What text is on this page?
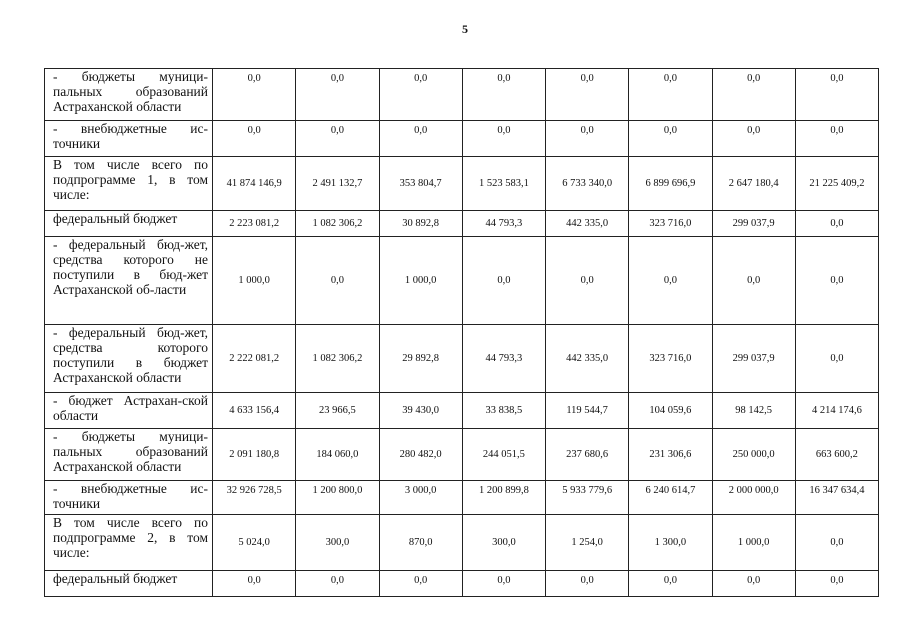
5
- бюджеты муници-пальных образований Астраханской области	0,0	0,0	0,0	0,0	0,0	0,0	0,0	0,0
- внебюджетные ис-точники	0,0	0,0	0,0	0,0	0,0	0,0	0,0	0,0
В том числе всего по подпрограмме 1, в том числе:	41 874 146,9	2 491 132,7	353 804,7	1 523 583,1	6 733 340,0	6 899 696,9	2 647 180,4	21 225 409,2
федеральный бюджет	2 223 081,2	1 082 306,2	30 892,8	44 793,3	442 335,0	323 716,0	299 037,9	0,0
- федеральный бюд-жет, средства которого не поступили в бюд-жет Астраханской об-ласти	1 000,0	0,0	1 000,0	0,0	0,0	0,0	0,0	0,0
- федеральный бюд-жет, средства которого поступили в бюджет Астраханской области	2 222 081,2	1 082 306,2	29 892,8	44 793,3	442 335,0	323 716,0	299 037,9	0,0
- бюджет Астрахан-ской области	4 633 156,4	23 966,5	39 430,0	33 838,5	119 544,7	104 059,6	98 142,5	4 214 174,6
- бюджеты муници-пальных образований Астраханской области	2 091 180,8	184 060,0	280 482,0	244 051,5	237 680,6	231 306,6	250 000,0	663 600,2
- внебюджетные ис-точники	32 926 728,5	1 200 800,0	3 000,0	1 200 899,8	5 933 779,6	6 240 614,7	2 000 000,0	16 347 634,4
В том числе всего по подпрограмме 2, в том числе:	5 024,0	300,0	870,0	300,0	1 254,0	1 300,0	1 000,0	0,0
федеральный бюджет	0,0	0,0	0,0	0,0	0,0	0,0	0,0	0,0
